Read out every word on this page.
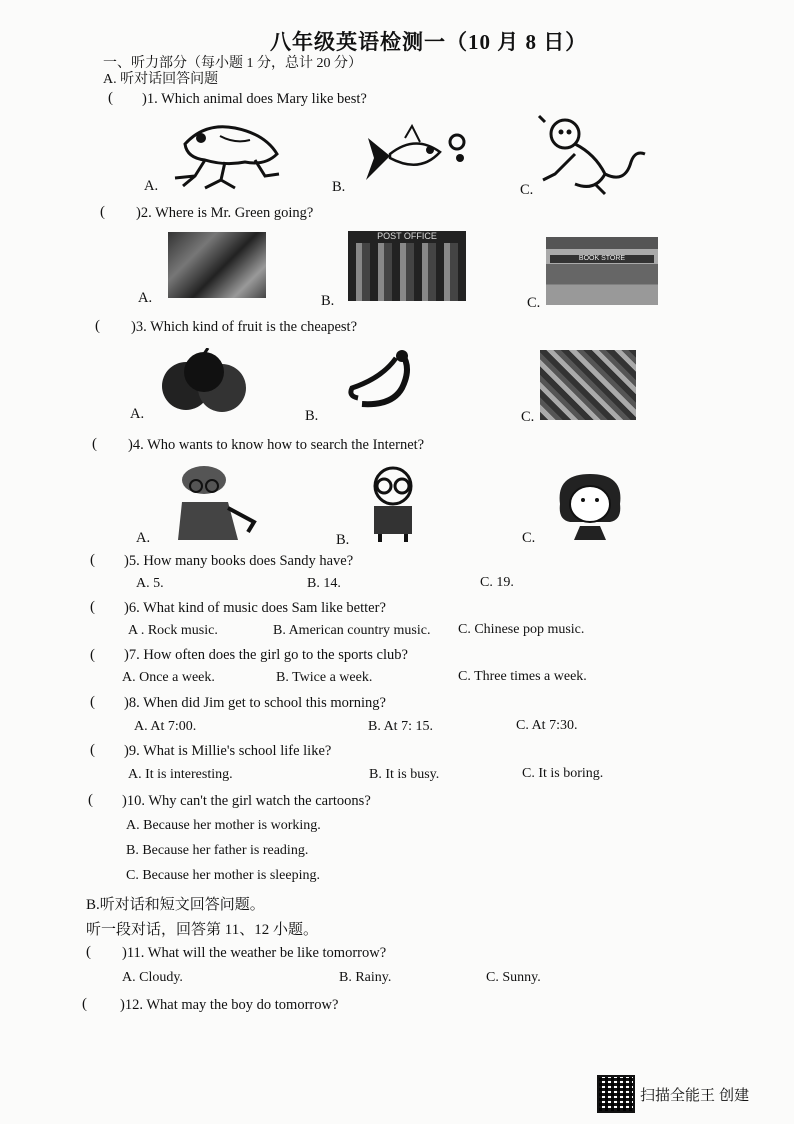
八年级英语检测一（10 月 8 日）
一、听力部分（每小题 1 分，总计 20 分）
A. 听对话回答问题
( )1. Which animal does Mary like best?
A.	B.	C.
( )2. Where is Mr. Green going?
A.
POST OFFICE
B.
BOOK STORE
C.
( )3. Which kind of fruit is the cheapest?
A.	B.	C.
( )4. Who wants to know how to search the Internet?
A.	B.	C.
( )5. How many books does Sandy have?
A. 5.	B. 14.	C. 19.
( )6. What kind of music does Sam like better?
A . Rock music.	B. American country music. C. Chinese pop music.
( )7. How often does the girl go to the sports club?
A. Once a week.	B. Twice a week.	C. Three times a week.
( )8. When did Jim get to school this morning?
A. At 7:00.	B. At 7: 15.	C. At 7:30.
( )9. What is Millie's school life like?
A. It is interesting.	B. It is busy.	C. It is boring.
( )10. Why can't the girl watch the cartoons?
A. Because her mother is working.
B. Because her father is reading.
C. Because her mother is sleeping.
B.听对话和短文回答问题。
听一段对话，回答第 11、12 小题。
( )11. What will the weather be like tomorrow?
A. Cloudy.	B. Rainy.	C. Sunny.
( )12. What may the boy do tomorrow?
扫描全能王 创建
